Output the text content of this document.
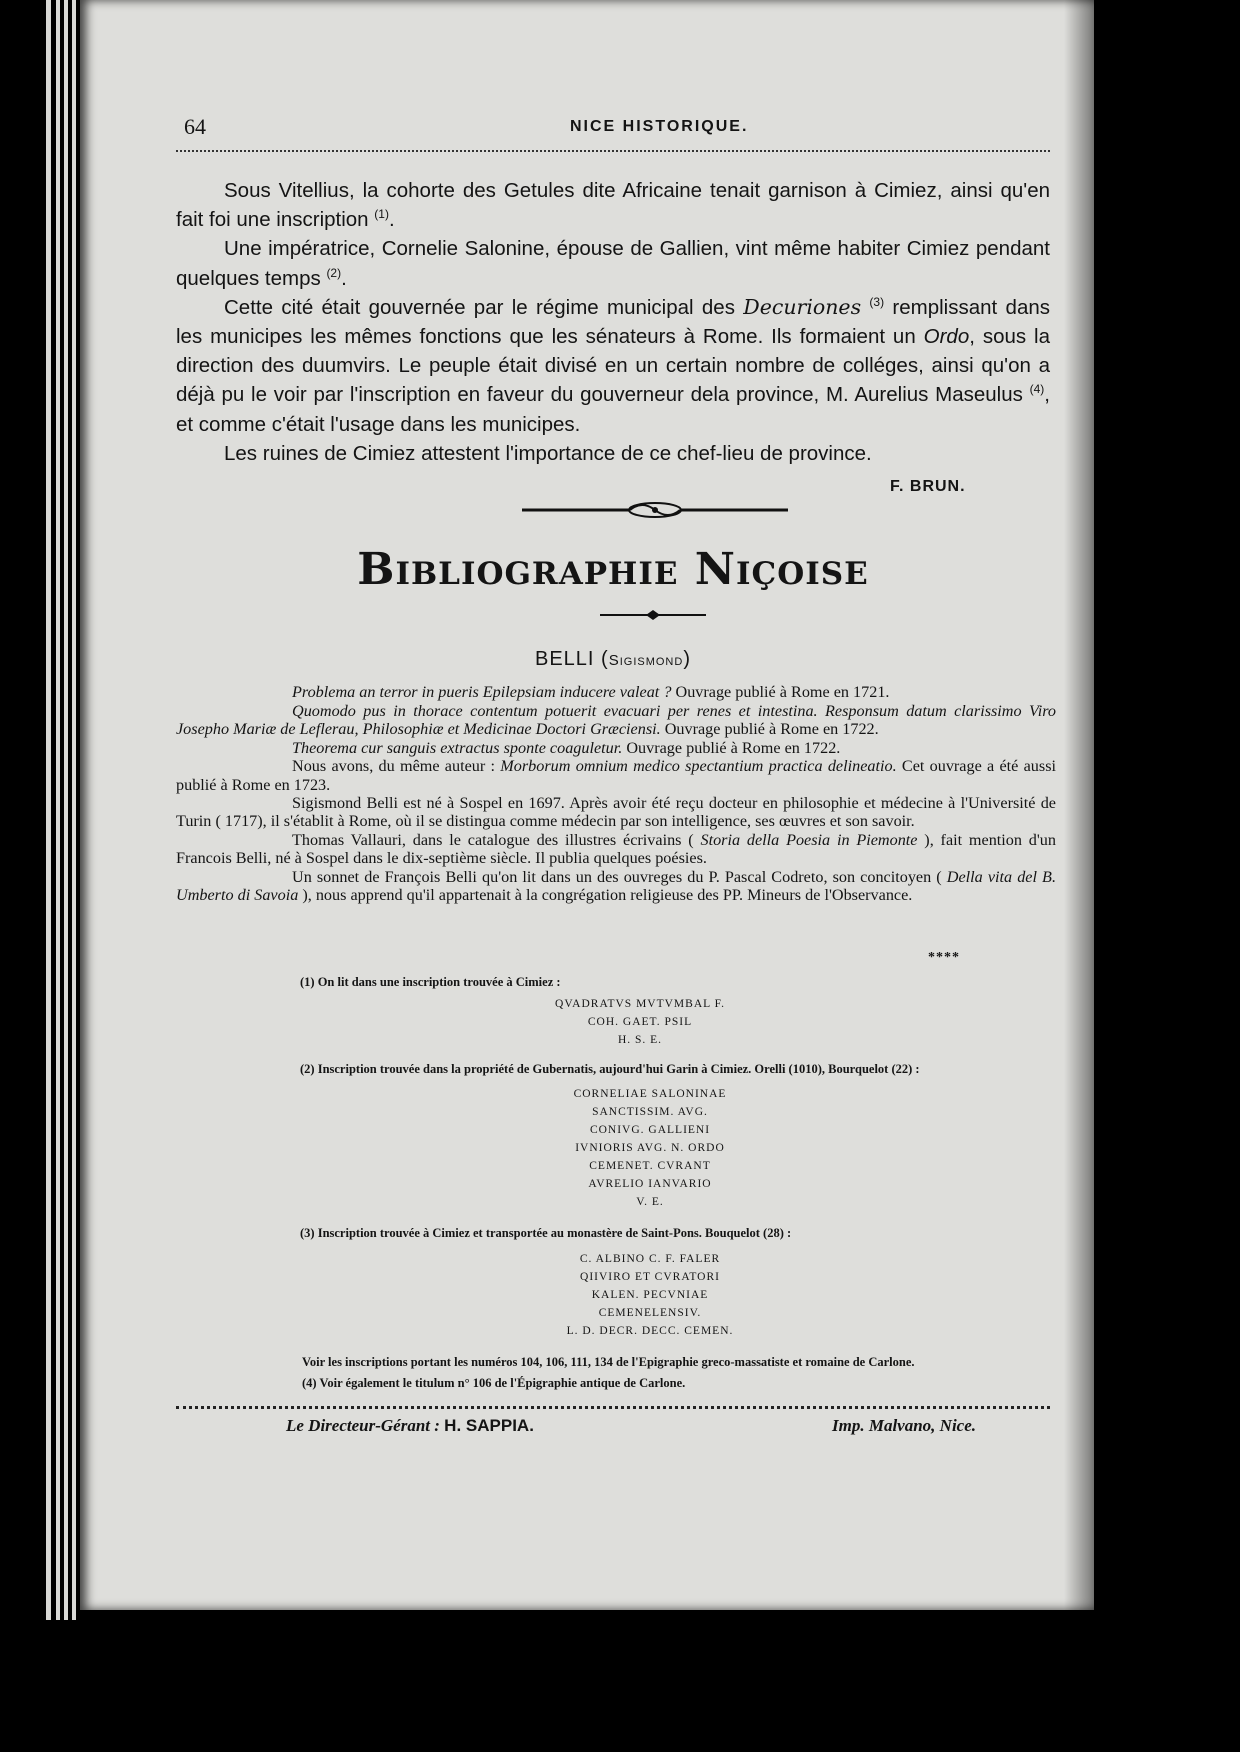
64	NICE HISTORIQUE.

Sous Vitellius, la cohorte des Getules dite Africaine tenait garnison à Cimiez, ainsi qu'en fait foi une inscription $^{(1)}$.

Une impératrice, Cornelie Salonine, épouse de Gallien, vint même habiter Cimiez pendant quelques temps $^{(2)}$.

Cette cité était gouvernée par le régime municipal des Decuriones $^{(3)}$ remplissant dans les municipes les mêmes fonctions que les sénateurs à Rome. Ils formaient un Ordo, sous la direction des duumvirs. Le peuple était divisé en un certain nombre de colléges, ainsi qu'on a déjà pu le voir par l'inscription en faveur du gouverneur dela province, M. Aurelius Maseulus $^{(4)}$, et comme c'était l'usage dans les municipes.

Les ruines de Cimiez attestent l'importance de ce chef-lieu de province.

F. BRUN.
Bibliographie Niçoise
BELLI (Sigismond)

Problema an terror in pueris Epilepsiam inducere valeat ? Ouvrage publié à Rome en 1721.

Quomodo pus in thorace contentum potuerit evacuari per renes et intestina. Responsum datum clarissimo Viro Josepho Mariæ de Leflerau, Philosophiæ et Medicinae Doctori Græciensi. Ouvrage publié à Rome en 1722.

Theorema cur sanguis extractus sponte coaguletur. Ouvrage publié à Rome en 1722.

Nous avons, du même auteur : Morborum omnium medico spectantium practica delineatio. Cet ouvrage a été aussi publié à Rome en 1723.

Sigismond Belli est né à Sospel en 1697. Après avoir été reçu docteur en philosophie et médecine à l'Université de Turin ( 1717), il s'établit à Rome, où il se distingua comme médecin par son intelligence, ses œuvres et son savoir.

Thomas Vallauri, dans le catalogue des illustres écrivains ( Storia della Poesia in Piemonte ), fait mention d'un Francois Belli, né à Sospel dans le dix-septième siècle. Il publia quelques poésies.

Un sonnet de François Belli qu'on lit dans un des ouvreges du P. Pascal Codreto, son concitoyen ( Della vita del B. Umberto di Savoia ), nous apprend qu'il appartenait à la congrégation religieuse des PP. Mineurs de l'Observance.

****
(1) On lit dans une inscription trouvée à Cimiez :
QVADRATVS MVTVMBAL F.
COH. GAET. PSIL
H. S. E.
(2) Inscription trouvée dans la propriété de Gubernatis, aujourd'hui Garin à Cimiez. Orelli (1010), Bourquelot (22) :
CORNELIAE SALONINAE
SANCTISSIM. AVG.
CONIVG. GALLIENI
IVNIORIS AVG. N. ORDO
CEMENET. CVRANT
AVRELIO IANVARIO
V. E.
(3) Inscription trouvée à Cimiez et transportée au monastère de Saint-Pons. Bouquelot (28) :
C. ALBINO C. F. FALER
QIIVIRO ET CVRATORI
KALEN. PECVNIAE
CEMENELENSIV.
L. D. DECR. DECC. CEMEN.
Voir les inscriptions portant les numéros 104, 106, 111, 134 de l'Epigraphie greco-massatiste et romaine de Carlone.
(4) Voir également le titulum n° 106 de l'Épigraphie antique de Carlone.
Le Directeur-Gérant : H. SAPPIA.	Imp. Malvano, Nice.
